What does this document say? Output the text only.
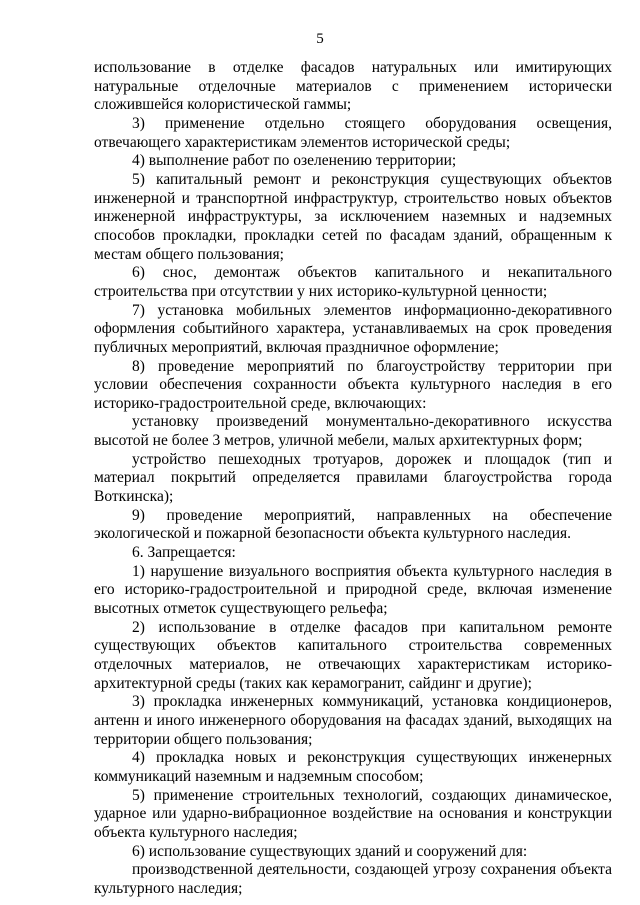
5

использование в отделке фасадов натуральных или имитирующих натуральные отделочные материалов с применением исторически сложившейся колористической гаммы;

3) применение отдельно стоящего оборудования освещения, отвечающего характеристикам элементов исторической среды;

4) выполнение работ по озеленению территории;

5) капитальный ремонт и реконструкция существующих объектов инженерной и транспортной инфраструктур, строительство новых объектов инженерной инфраструктуры, за исключением наземных и надземных способов прокладки, прокладки сетей по фасадам зданий, обращенным к местам общего пользования;

6) снос, демонтаж объектов капитального и некапитального строительства при отсутствии у них историко-культурной ценности;

7) установка мобильных элементов информационно-декоративного оформления событийного характера, устанавливаемых на срок проведения публичных мероприятий, включая праздничное оформление;

8) проведение мероприятий по благоустройству территории при условии обеспечения сохранности объекта культурного наследия в его историко-градостроительной среде, включающих:

установку произведений монументально-декоративного искусства высотой не более 3 метров, уличной мебели, малых архитектурных форм;

устройство пешеходных тротуаров, дорожек и площадок (тип и материал покрытий определяется правилами благоустройства города Воткинска);

9) проведение мероприятий, направленных на обеспечение экологической и пожарной безопасности объекта культурного наследия.

6. Запрещается:

1) нарушение визуального восприятия объекта культурного наследия в его историко-градостроительной и природной среде, включая изменение высотных отметок существующего рельефа;

2) использование в отделке фасадов при капитальном ремонте существующих объектов капитального строительства современных отделочных материалов, не отвечающих характеристикам историко-архитектурной среды (таких как керамогранит, сайдинг и другие);

3) прокладка инженерных коммуникаций, установка кондиционеров, антенн и иного инженерного оборудования на фасадах зданий, выходящих на территории общего пользования;

4) прокладка новых и реконструкция существующих инженерных коммуникаций наземным и надземным способом;

5) применение строительных технологий, создающих динамическое, ударное или ударно-вибрационное воздействие на основания и конструкции объекта культурного наследия;

6) использование существующих зданий и сооружений для:

производственной деятельности, создающей угрозу сохранения объекта культурного наследия;
